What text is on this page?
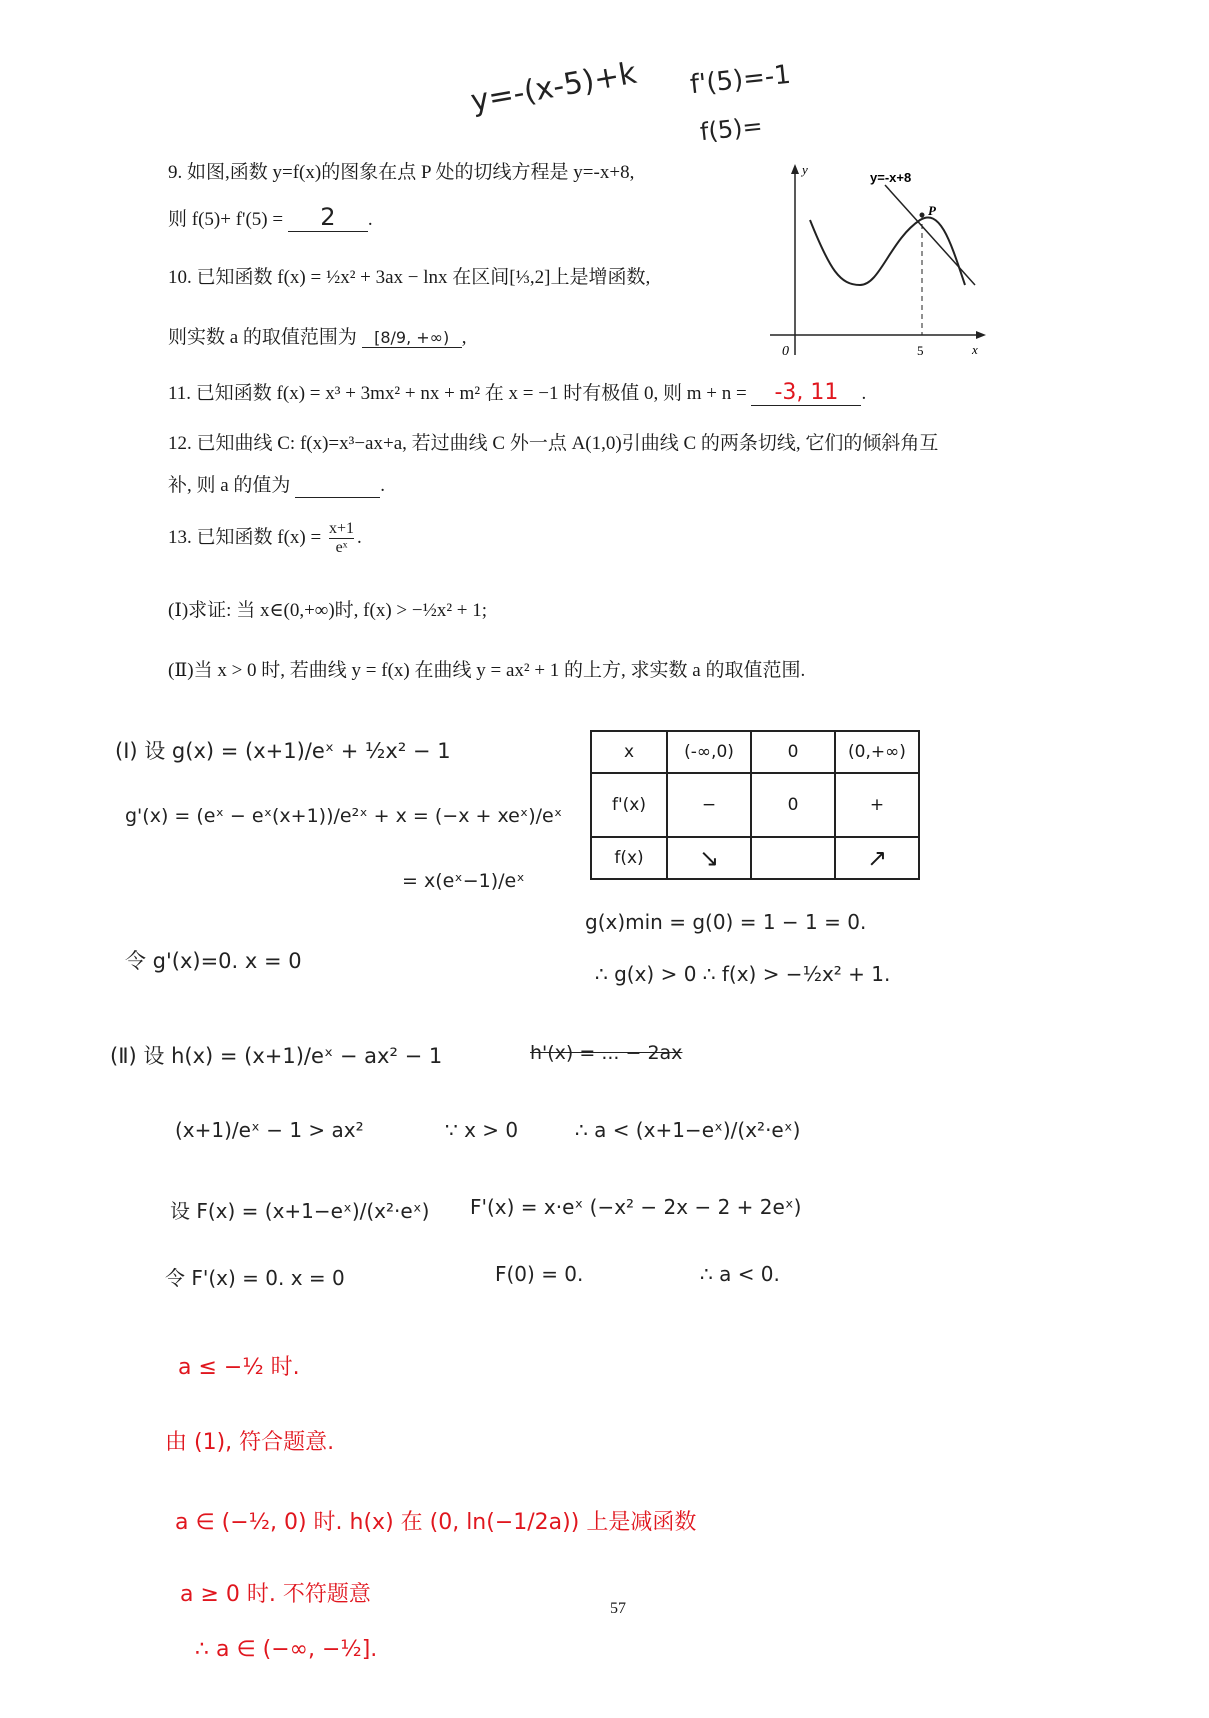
y=-(x-5)+k f'(5)=-1
f(5)=
9. 如图,函数 y=f(x)的图象在点 P 处的切线方程是 y=-x+8,
则 f(5)+ f'(5) = 2 .
y
x
0
y=-x+8
P
5
10. 已知函数 f(x) = ½x² + 3ax − lnx 在区间[⅓,2]上是增函数,
则实数 a 的取值范围为 [8/9, +∞) ,
11. 已知函数 f(x) = x³ + 3mx² + nx + m² 在 x = −1 时有极值 0, 则 m + n = -3, 11 .
12. 已知曲线 C: f(x)=x³−ax+a, 若过曲线 C 外一点 A(1,0)引曲线 C 的两条切线, 它们的倾斜角互
补, 则 a 的值为	.
13. 已知函数 $f(x) = \frac{x+1}{\text{eˣ}}$ .
(Ⅰ)求证: 当 x∈(0,+∞)时, f(x) > −½x² + 1;
(Ⅱ)当 x > 0 时, 若曲线 y = f(x) 在曲线 y = ax² + 1 的上方, 求实数 a 的取值范围.
(Ⅰ) 设 g(x) = (x+1)/eˣ + ½x² − 1
g'(x) = (eˣ − eˣ(x+1))/e²ˣ + x = (−x + xeˣ)/eˣ
= x(eˣ−1)/eˣ
令 g'(x)=0. x = 0
x	(-∞,0)	0	(0,+∞)
f'(x)	−	0	+
f(x)	↘		↗
g(x)min = g(0) = 1 − 1 = 0.
∴ g(x) > 0 ∴ f(x) > −½x² + 1.
(Ⅱ) 设 h(x) = (x+1)/eˣ − ax² − 1	h'(x) = ... − 2ax
(x+1)/eˣ − 1 > ax²	∵ x > 0	∴ a < (x+1−eˣ)/(x²·eˣ)
设 F(x) = (x+1−eˣ)/(x²·eˣ) F'(x) = x·eˣ (−x² − 2x − 2 + 2eˣ)
令 F'(x) = 0. x = 0	F(0) = 0.	∴ a < 0.
a ≤ −½ 时.
由 (1), 符合题意.
a ∈ (−½, 0) 时. h(x) 在 (0, ln(−1/2a)) 上是减函数
a ≥ 0 时. 不符题意
∴ a ∈ (−∞, −½].
57
